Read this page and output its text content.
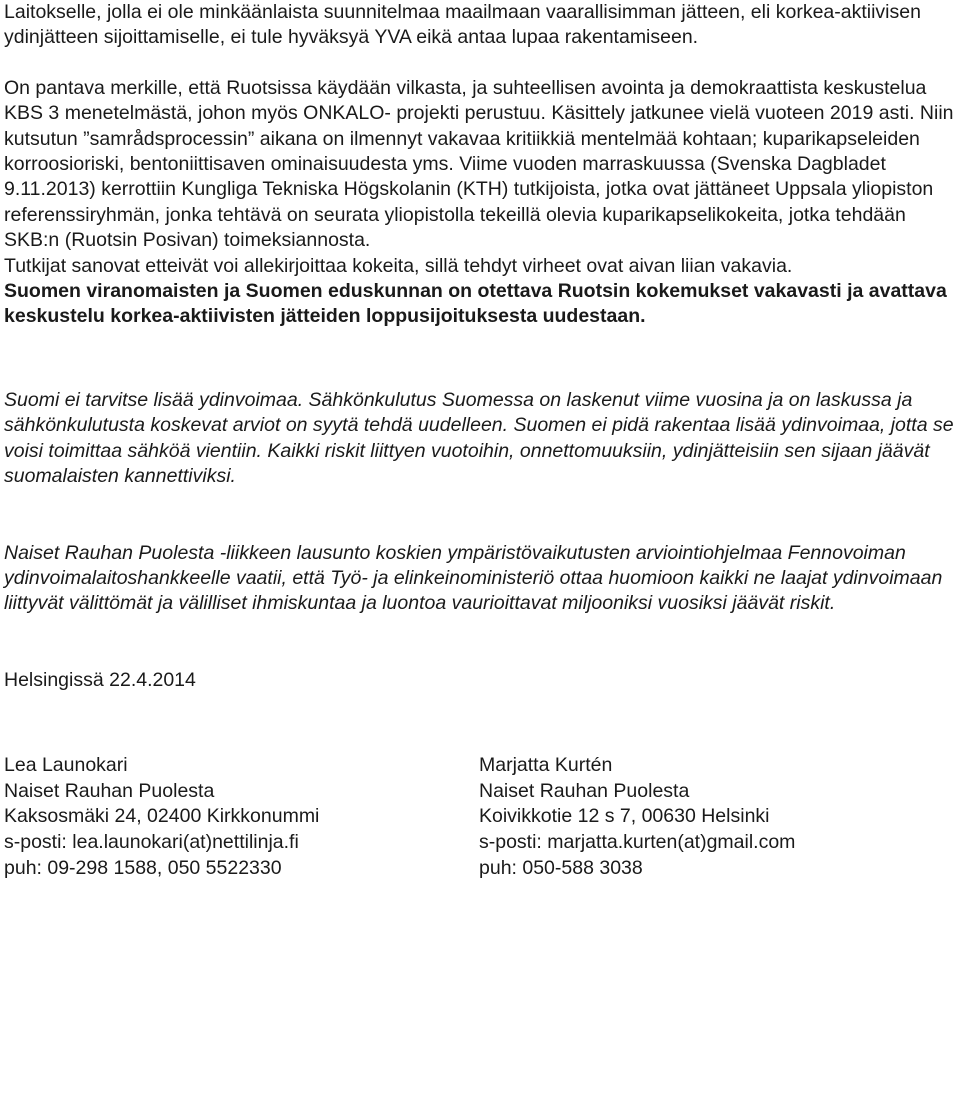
Laitokselle, jolla ei ole minkäänlaista suunnitelmaa maailmaan vaarallisimman jätteen, eli korkea-aktiivisen ydinjätteen sijoittamiselle, ei tule hyväksyä YVA eikä antaa lupaa rakentamiseen.

On pantava merkille, että Ruotsissa käydään vilkasta, ja suhteellisen avointa ja demokraattista keskustelua KBS 3 menetelmästä, johon myös ONKALO- projekti perustuu. Käsittely jatkunee vielä vuoteen 2019 asti. Niin kutsutun ”samrådsprocessin” aikana on ilmennyt vakavaa kritiikkiä mentelmää kohtaan; kuparikapseleiden korroosioriski, bentoniittisaven ominaisuudesta yms. Viime vuoden marraskuussa (Svenska Dagbladet 9.11.2013) kerrottiin Kungliga Tekniska Högskolanin (KTH) tutkijoista, jotka ovat jättäneet Uppsala yliopiston referenssiryhmän, jonka tehtävä on seurata yliopistolla tekeillä olevia kuparikapselikokeita, jotka tehdään SKB:n (Ruotsin Posivan) toimeksiannosta.

Tutkijat sanovat etteivät voi allekirjoittaa kokeita, sillä tehdyt virheet ovat aivan liian vakavia.

Suomen viranomaisten ja Suomen eduskunnan on otettava Ruotsin kokemukset vakavasti ja avattava keskustelu korkea-aktiivisten jätteiden loppusijoituksesta uudestaan.

Suomi ei tarvitse lisää ydinvoimaa. Sähkönkulutus Suomessa on laskenut viime vuosina ja on laskussa ja sähkönkulutusta koskevat arviot on syytä tehdä uudelleen. Suomen ei pidä rakentaa lisää ydinvoimaa, jotta se voisi toimittaa sähköä vientiin. Kaikki riskit liittyen vuotoihin, onnettomuuksiin, ydinjätteisiin sen sijaan jäävät suomalaisten kannettiviksi.

Naiset Rauhan Puolesta -liikkeen lausunto koskien ympäristövaikutusten arviointiohjelmaa Fennovoiman ydinvoimalaitoshankkeelle vaatii, että Työ- ja elinkeinoministeriö ottaa huomioon kaikki ne laajat ydinvoimaan liittyvät välittömät ja välilliset ihmiskuntaa ja luontoa vaurioittavat miljooniksi vuosiksi jäävät riskit.

Helsingissä 22.4.2014

Lea Launokari

Naiset Rauhan Puolesta

Kaksosmäki 24, 02400 Kirkkonummi

s-posti: lea.launokari(at)nettilinja.fi

puh: 09-298 1588, 050 5522330

Marjatta Kurtén

Naiset Rauhan Puolesta

Koivikkotie 12 s 7, 00630 Helsinki

s-posti: marjatta.kurten(at)gmail.com

puh: 050-588 3038
